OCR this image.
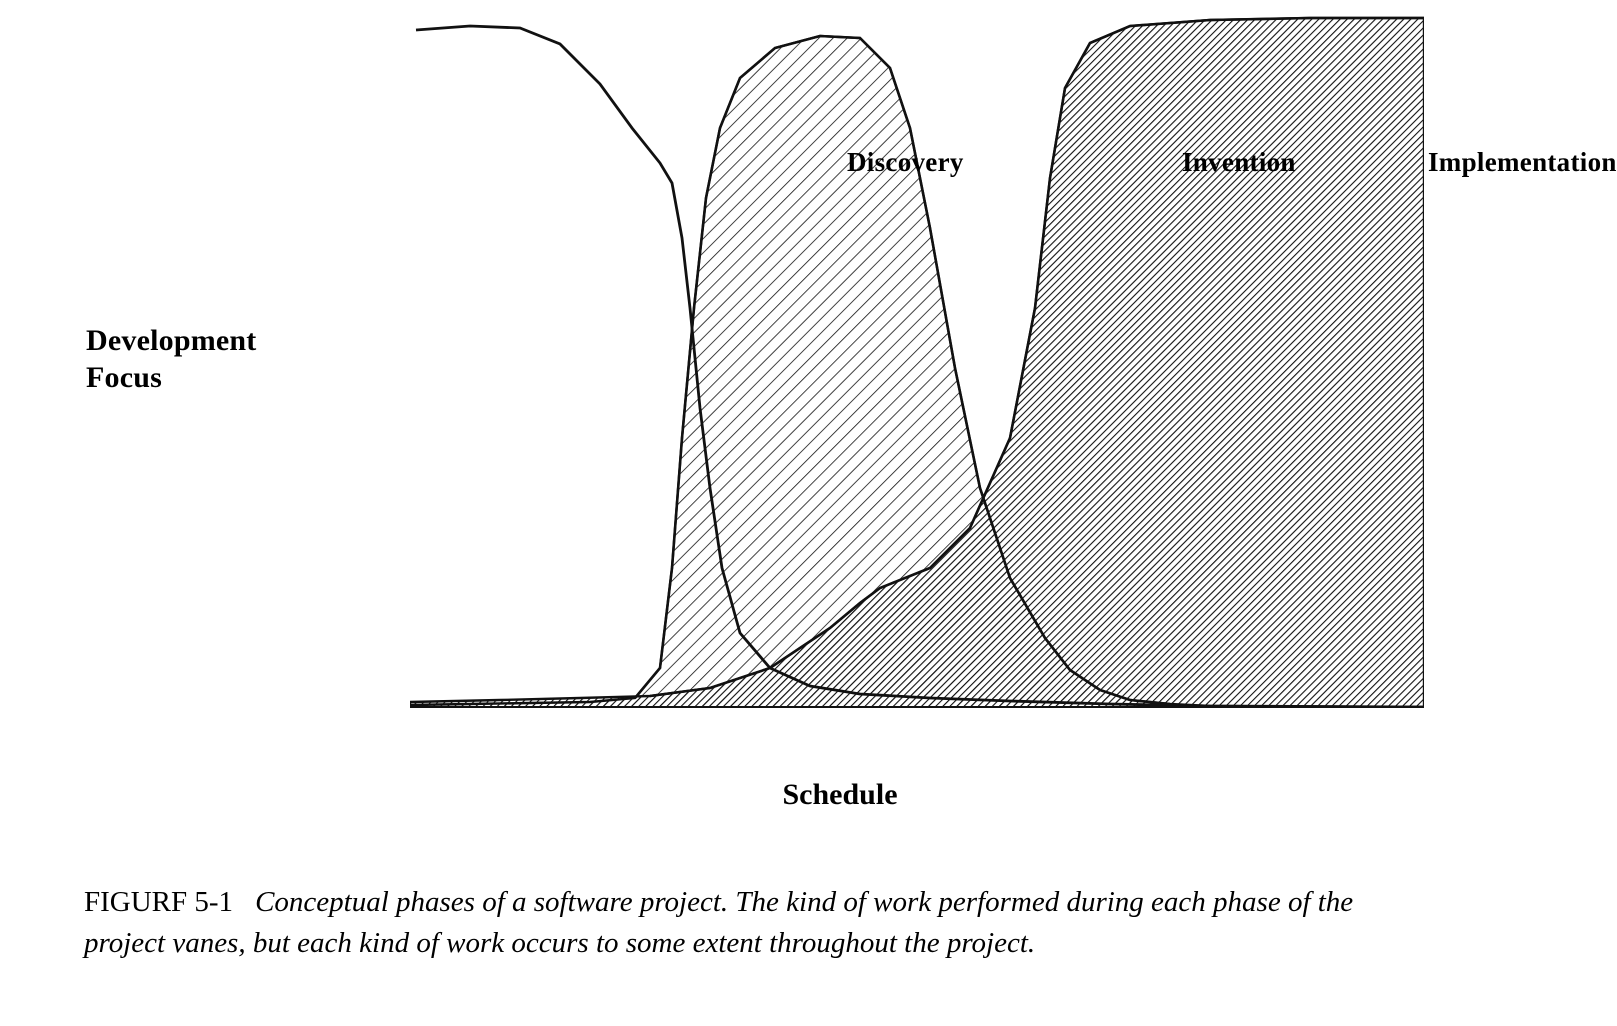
Development
Focus
Discovery	Invention	Implementation
Schedule
FIGURF 5-1 Conceptual phases of a software project. The kind of work performed during each phase of the project vanes, but each kind of work occurs to some extent throughout the project.
